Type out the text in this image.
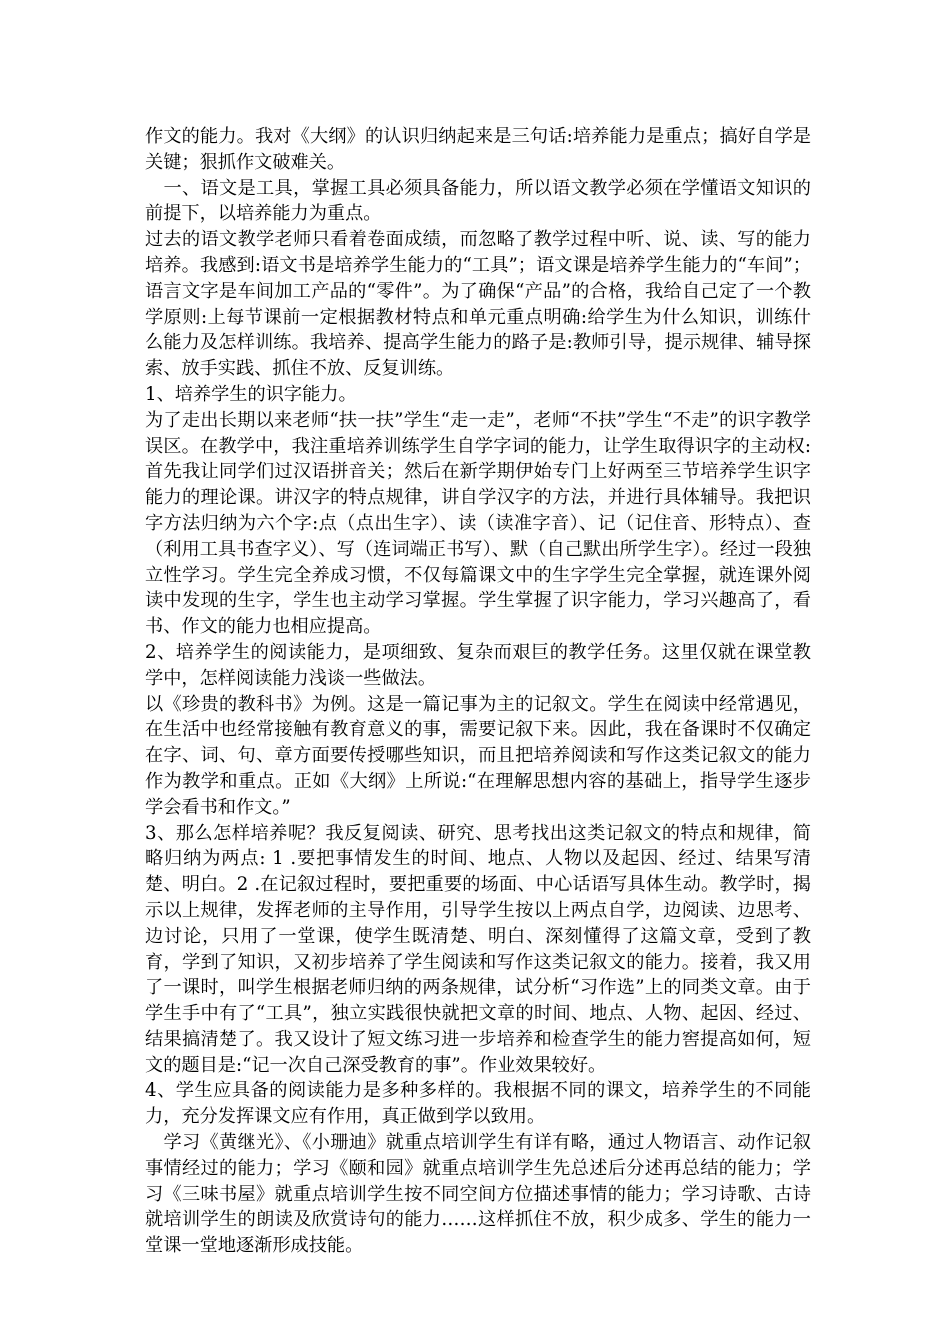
作文的能力。我对《大纲》的认识归纳起来是三句话:培养能力是重点；搞好自学是关键；狠抓作文破难关。

　一、语文是工具，掌握工具必须具备能力，所以语文教学必须在学懂语文知识的前提下，以培养能力为重点。

过去的语文教学老师只看着卷面成绩，而忽略了教学过程中听、说、读、写的能力培养。我感到:语文书是培养学生能力的“工具”；语文课是培养学生能力的“车间”；语言文字是车间加工产品的“零件”。为了确保“产品”的合格，我给自己定了一个教学原则:上每节课前一定根据教材特点和单元重点明确:给学生为什么知识，训练什么能力及怎样训练。我培养、提高学生能力的路子是:教师引导，提示规律、辅导探索、放手实践、抓住不放、反复训练。

1、培养学生的识字能力。

为了走出长期以来老师“扶一扶”学生“走一走”，老师“不扶”学生“不走”的识字教学误区。在教学中，我注重培养训练学生自学字词的能力，让学生取得识字的主动权:首先我让同学们过汉语拼音关；然后在新学期伊始专门上好两至三节培养学生识字能力的理论课。讲汉字的特点规律，讲自学汉字的方法，并进行具体辅导。我把识字方法归纳为六个字:点（点出生字）、读（读准字音）、记（记住音、形特点）、查（利用工具书查字义）、写（连词端正书写）、默（自己默出所学生字）。经过一段独立性学习。学生完全养成习惯，不仅每篇课文中的生字学生完全掌握，就连课外阅读中发现的生字，学生也主动学习掌握。学生掌握了识字能力，学习兴趣高了，看书、作文的能力也相应提高。

2、培养学生的阅读能力，是项细致、复杂而艰巨的教学任务。这里仅就在课堂教学中，怎样阅读能力浅谈一些做法。

以《珍贵的教科书》为例。这是一篇记事为主的记叙文。学生在阅读中经常遇见，在生活中也经常接触有教育意义的事，需要记叙下来。因此，我在备课时不仅确定在字、词、句、章方面要传授哪些知识，而且把培养阅读和写作这类记叙文的能力作为教学和重点。正如《大纲》上所说:“在理解思想内容的基础上，指导学生逐步学会看书和作文。”

3、那么怎样培养呢？我反复阅读、研究、思考找出这类记叙文的特点和规律，简略归纳为两点: 1 .要把事情发生的时间、地点、人物以及起因、经过、结果写清楚、明白。2 .在记叙过程时，要把重要的场面、中心话语写具体生动。教学时，揭示以上规律，发挥老师的主导作用，引导学生按以上两点自学，边阅读、边思考、边讨论，只用了一堂课，使学生既清楚、明白、深刻懂得了这篇文章，受到了教育，学到了知识，又初步培养了学生阅读和写作这类记叙文的能力。接着，我又用了一课时，叫学生根据老师归纳的两条规律，试分析“习作选”上的同类文章。由于学生手中有了“工具”，独立实践很快就把文章的时间、地点、人物、起因、经过、结果搞清楚了。我又设计了短文练习进一步培养和检查学生的能力窖提高如何，短文的题目是:“记一次自己深受教育的事”。作业效果较好。

4、学生应具备的阅读能力是多种多样的。我根据不同的课文，培养学生的不同能力，充分发挥课文应有作用，真正做到学以致用。

　学习《黄继光》、《小珊迪》就重点培训学生有详有略，通过人物语言、动作记叙事情经过的能力；学习《颐和园》就重点培训学生先总述后分述再总结的能力；学习《三味书屋》就重点培训学生按不同空间方位描述事情的能力；学习诗歌、古诗就培训学生的朗读及欣赏诗句的能力……这样抓住不放，积少成多、学生的能力一堂课一堂地逐渐形成技能。
